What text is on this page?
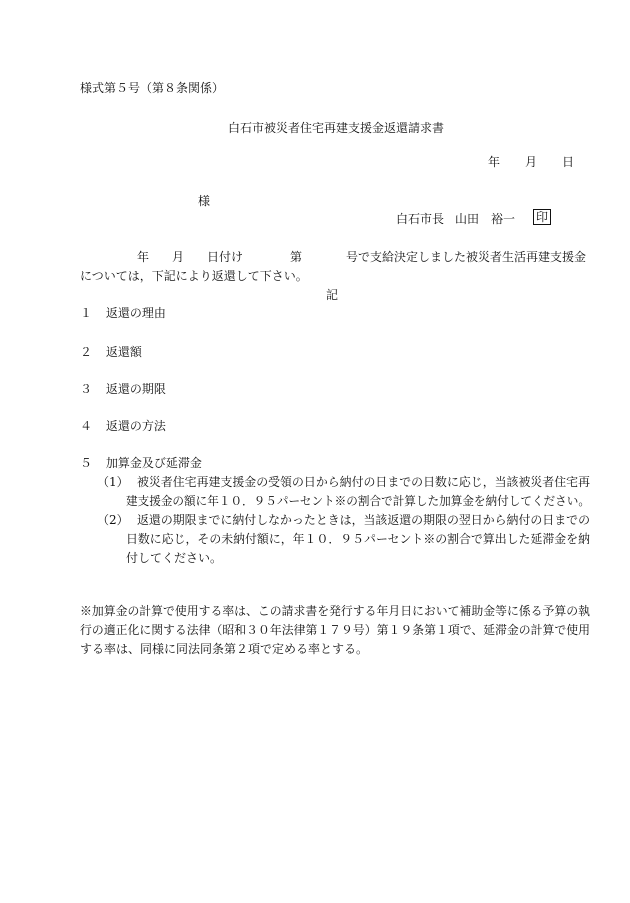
様式第５号（第８条関係）
白石市被災者住宅再建支援金返還請求書
年 月 日
様
白石市長 山田　裕一 印
年 月 日付け	第	号で支給決定しました被災者生活再建支援金
については，下記により返還して下さい。
記
１ 返還の理由
２ 返還額
３ 返還の期限
４ 返還の方法
５ 加算金及び延滞金
（1） 被災者住宅再建支援金の受領の日から納付の日までの日数に応じ，当該被災者住宅再
建支援金の額に年１０．９５パーセント※の割合で計算した加算金を納付してください。
（2） 返還の期限までに納付しなかったときは，当該返還の期限の翌日から納付の日までの
日数に応じ，その未納付額に，年１０．９５パーセント※の割合で算出した延滞金を納
付してください。
※加算金の計算で使用する率は、この請求書を発行する年月日において補助金等に係る予算の執
行の適正化に関する法律（昭和３０年法律第１７９号）第１９条第１項で、延滞金の計算で使用
する率は、同様に同法同条第２項で定める率とする。
